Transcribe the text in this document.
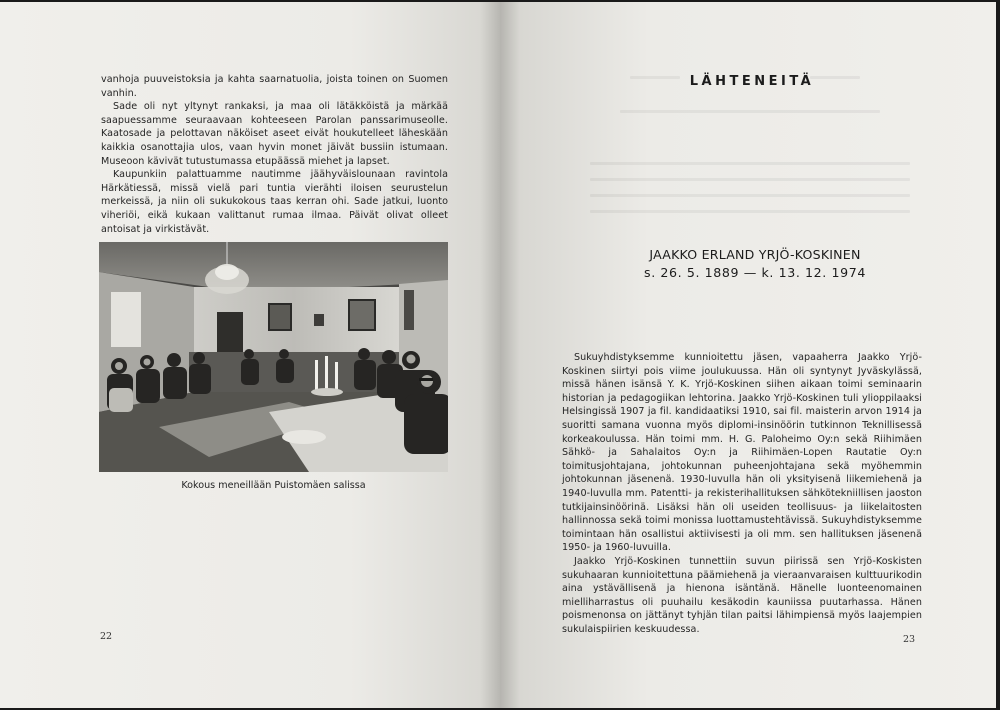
vanhoja puuveistoksia ja kahta saarnatuolia, joista toinen on Suomen vanhin.

Sade oli nyt yltynyt rankaksi, ja maa oli lätäkköistä ja märkää saapuessamme seuraavaan kohteeseen Parolan panssarimuseolle. Kaatosade ja pelottavan näköiset aseet eivät houkutelleet läheskään kaikkia osanottajia ulos, vaan hyvin monet jäivät bussiin istumaan. Museoon kävivät tutustumassa etupäässä miehet ja lapset.

Kaupunkiin palattuamme nautimme jäähyväislounaan ravintola Härkätiessä, missä vielä pari tuntia vierähti iloisen seurustelun merkeissä, ja niin oli sukukokous taas kerran ohi. Sade jatkui, luonto viheriöi, eikä kukaan valittanut rumaa ilmaa. Päivät olivat olleet antoisat ja virkistävät.

Kokous meneillään Puistomäen salissa
22
LÄHTENEITÄ
JAAKKO ERLAND YRJÖ-KOSKINEN
s. 26. 5. 1889 — k. 13. 12. 1974

Sukuyhdistyksemme kunnioitettu jäsen, vapaaherra Jaakko Yrjö-Koskinen siirtyi pois viime joulukuussa. Hän oli syntynyt Jyväskylässä, missä hänen isänsä Y. K. Yrjö-Koskinen siihen aikaan toimi seminaarin historian ja pedagogiikan lehtorina. Jaakko Yrjö-Koskinen tuli ylioppilaaksi Helsingissä 1907 ja fil. kandidaatiksi 1910, sai fil. maisterin arvon 1914 ja suoritti samana vuonna myös diplomi-insinöörin tutkinnon Teknillisessä korkeakoulussa. Hän toimi mm. H. G. Paloheimo Oy:n sekä Riihimäen Sähkö- ja Sahalaitos Oy:n ja Riihimäen-Lopen Rautatie Oy:n toimitusjohtajana, johtokunnan puheenjohtajana sekä myöhemmin johtokunnan jäsenenä. 1930-luvulla hän oli yksityisenä liikemiehenä ja 1940-luvulla mm. Patentti- ja rekisterihallituksen sähkötekniillisen jaoston tutkijainsinöörinä. Lisäksi hän oli useiden teollisuus- ja liikelaitosten hallinnossa sekä toimi monissa luottamustehtävissä. Sukuyhdistyksemme toimintaan hän osallistui aktiivisesti ja oli mm. sen hallituksen jäsenenä 1950- ja 1960-luvuilla.

Jaakko Yrjö-Koskinen tunnettiin suvun piirissä sen Yrjö-Koskisten sukuhaaran kunnioitettuna päämiehenä ja vieraanvaraisen kulttuurikodin aina ystävällisenä ja hienona isäntänä. Hänelle luonteenomainen mielliharrastus oli puuhailu kesäkodin kauniissa puutarhassa. Hänen poismenonsa on jättänyt tyhjän tilan paitsi lähimpiensä myös laajempien sukulaispiirien keskuudessa.

23
